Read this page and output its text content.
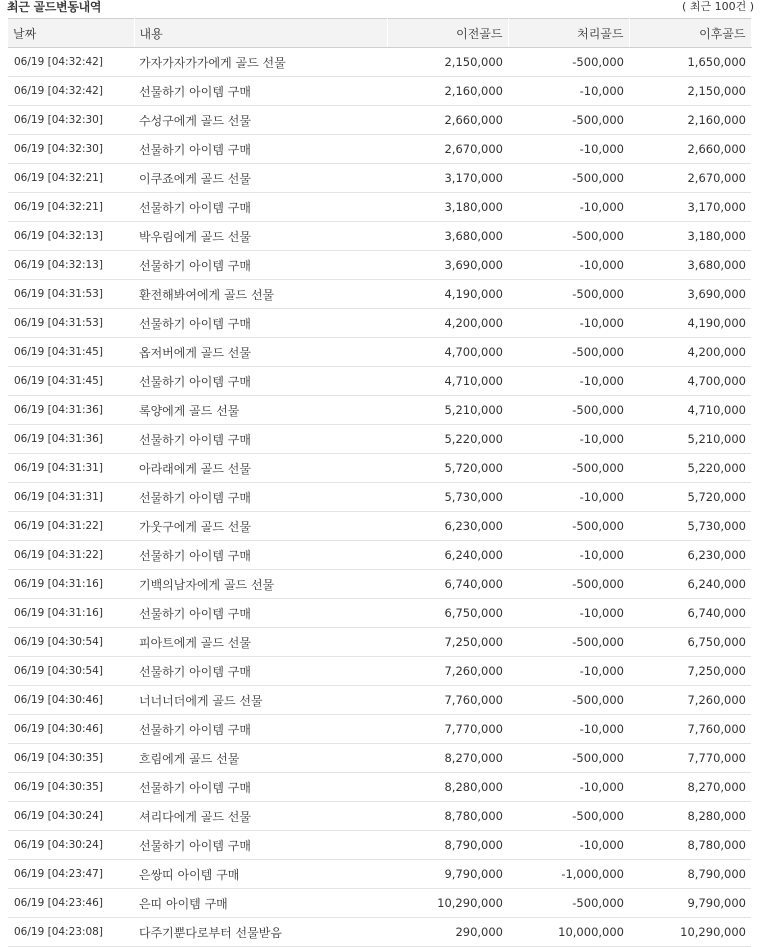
최근 골드변동내역	( 최근 100건 )
날짜	내용	이전골드	처리골드	이후골드
06/19 [04:32:42]	가자가자가가에게 골드 선물	2,150,000	-500,000	1,650,000
06/19 [04:32:42]	선물하기 아이템 구매	2,160,000	-10,000	2,150,000
06/19 [04:32:30]	수성구에게 골드 선물	2,660,000	-500,000	2,160,000
06/19 [04:32:30]	선물하기 아이템 구매	2,670,000	-10,000	2,660,000
06/19 [04:32:21]	이쿠죠에게 골드 선물	3,170,000	-500,000	2,670,000
06/19 [04:32:21]	선물하기 아이템 구매	3,180,000	-10,000	3,170,000
06/19 [04:32:13]	박우림에게 골드 선물	3,680,000	-500,000	3,180,000
06/19 [04:32:13]	선물하기 아이템 구매	3,690,000	-10,000	3,680,000
06/19 [04:31:53]	환전해봐여에게 골드 선물	4,190,000	-500,000	3,690,000
06/19 [04:31:53]	선물하기 아이템 구매	4,200,000	-10,000	4,190,000
06/19 [04:31:45]	옵저버에게 골드 선물	4,700,000	-500,000	4,200,000
06/19 [04:31:45]	선물하기 아이템 구매	4,710,000	-10,000	4,700,000
06/19 [04:31:36]	록양에게 골드 선물	5,210,000	-500,000	4,710,000
06/19 [04:31:36]	선물하기 아이템 구매	5,220,000	-10,000	5,210,000
06/19 [04:31:31]	아라래에게 골드 선물	5,720,000	-500,000	5,220,000
06/19 [04:31:31]	선물하기 아이템 구매	5,730,000	-10,000	5,720,000
06/19 [04:31:22]	가웃구에게 골드 선물	6,230,000	-500,000	5,730,000
06/19 [04:31:22]	선물하기 아이템 구매	6,240,000	-10,000	6,230,000
06/19 [04:31:16]	기백의남자에게 골드 선물	6,740,000	-500,000	6,240,000
06/19 [04:31:16]	선물하기 아이템 구매	6,750,000	-10,000	6,740,000
06/19 [04:30:54]	피아트에게 골드 선물	7,250,000	-500,000	6,750,000
06/19 [04:30:54]	선물하기 아이템 구매	7,260,000	-10,000	7,250,000
06/19 [04:30:46]	너너너더에게 골드 선물	7,760,000	-500,000	7,260,000
06/19 [04:30:46]	선물하기 아이템 구매	7,770,000	-10,000	7,760,000
06/19 [04:30:35]	흐림에게 골드 선물	8,270,000	-500,000	7,770,000
06/19 [04:30:35]	선물하기 아이템 구매	8,280,000	-10,000	8,270,000
06/19 [04:30:24]	셔리다에게 골드 선물	8,780,000	-500,000	8,280,000
06/19 [04:30:24]	선물하기 아이템 구매	8,790,000	-10,000	8,780,000
06/19 [04:23:47]	은쌍띠 아이템 구매	9,790,000	-1,000,000	8,790,000
06/19 [04:23:46]	은띠 아이템 구매	10,290,000	-500,000	9,790,000
06/19 [04:23:08]	다주기뿐다로부터 선물받음	290,000	10,000,000	10,290,000
